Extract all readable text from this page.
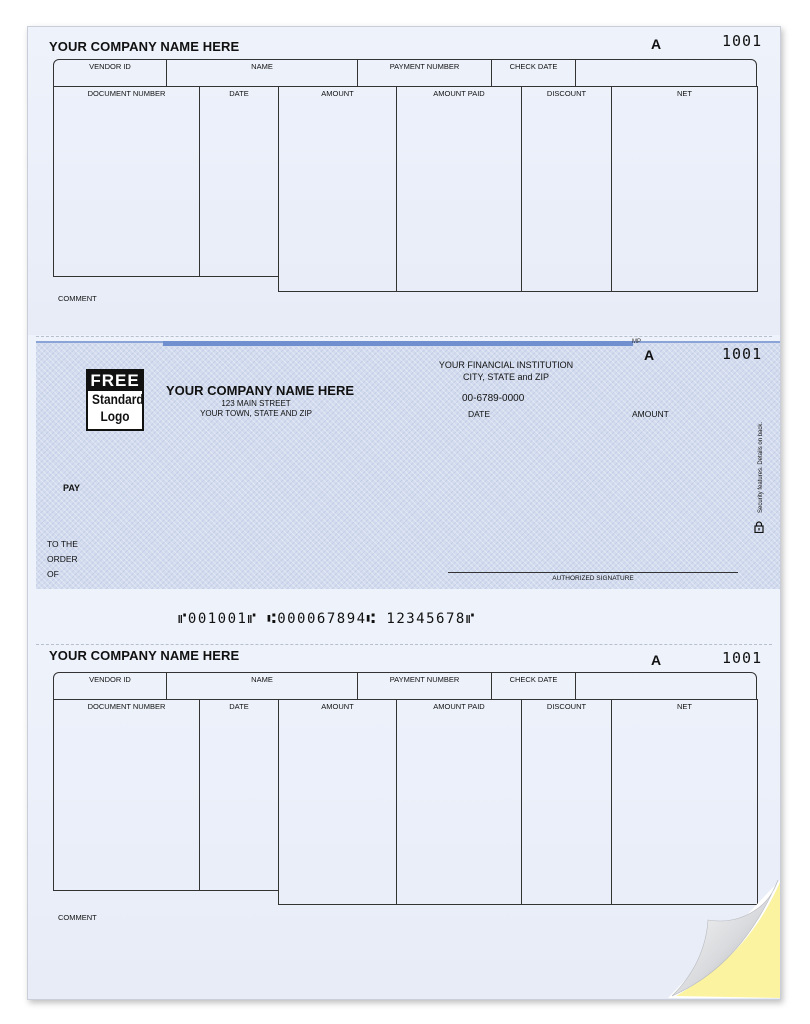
YOUR COMPANY NAME HERE	A	1001
VENDOR ID	NAME	PAYMENT NUMBER	CHECK DATE
DOCUMENT NUMBER	DATE	AMOUNT	AMOUNT PAID	DISCOUNT	NET
COMMENT
MP
A	1001
FREE
Standard
Logo
YOUR COMPANY NAME HERE
123 MAIN STREET
YOUR TOWN, STATE AND ZIP
YOUR FINANCIAL INSTITUTION
CITY, STATE and ZIP
00-6789-0000
DATE	AMOUNT
PAY
TO THE
ORDER
OF
Security features. Details on back.
AUTHORIZED SIGNATURE
⑈001001⑈ ⑆000067894⑆ 12345678⑈
YOUR COMPANY NAME HERE	A	1001
VENDOR ID	NAME	PAYMENT NUMBER	CHECK DATE
DOCUMENT NUMBER	DATE	AMOUNT	AMOUNT PAID	DISCOUNT	NET
COMMENT
